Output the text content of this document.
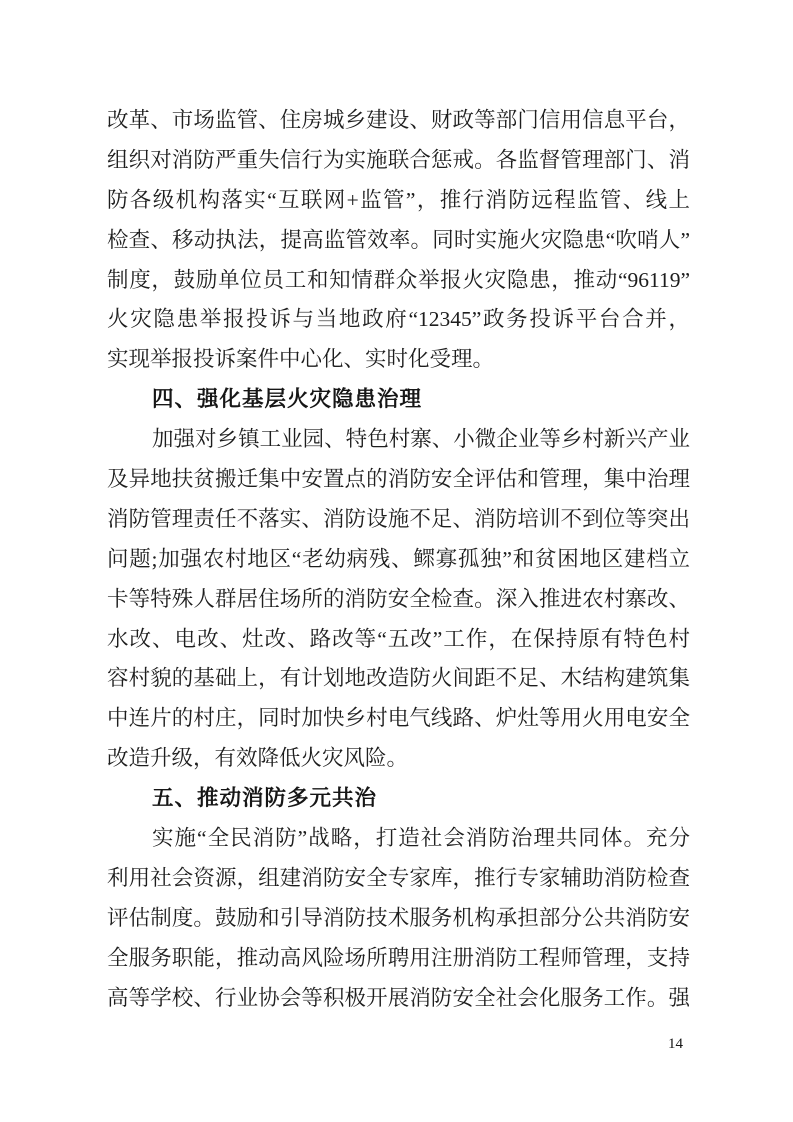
改革、市场监管、住房城乡建设、财政等部门信用信息平台，
组织对消防严重失信行为实施联合惩戒。各监督管理部门、消
防各级机构落实“互联网+监管”，推行消防远程监管、线上
检查、移动执法，提高监管效率。同时实施火灾隐患“吹哨人”
制度，鼓励单位员工和知情群众举报火灾隐患，推动“96119”
火灾隐患举报投诉与当地政府“12345”政务投诉平台合并，
实现举报投诉案件中心化、实时化受理。
四、强化基层火灾隐患治理
加强对乡镇工业园、特色村寨、小微企业等乡村新兴产业
及异地扶贫搬迁集中安置点的消防安全评估和管理，集中治理
消防管理责任不落实、消防设施不足、消防培训不到位等突出
问题;加强农村地区“老幼病残、鳏寡孤独”和贫困地区建档立
卡等特殊人群居住场所的消防安全检查。深入推进农村寨改、
水改、电改、灶改、路改等“五改”工作，在保持原有特色村
容村貌的基础上，有计划地改造防火间距不足、木结构建筑集
中连片的村庄，同时加快乡村电气线路、炉灶等用火用电安全
改造升级，有效降低火灾风险。
五、推动消防多元共治
实施“全民消防”战略，打造社会消防治理共同体。充分
利用社会资源，组建消防安全专家库，推行专家辅助消防检查
评估制度。鼓励和引导消防技术服务机构承担部分公共消防安
全服务职能，推动高风险场所聘用注册消防工程师管理，支持
高等学校、行业协会等积极开展消防安全社会化服务工作。强
14
